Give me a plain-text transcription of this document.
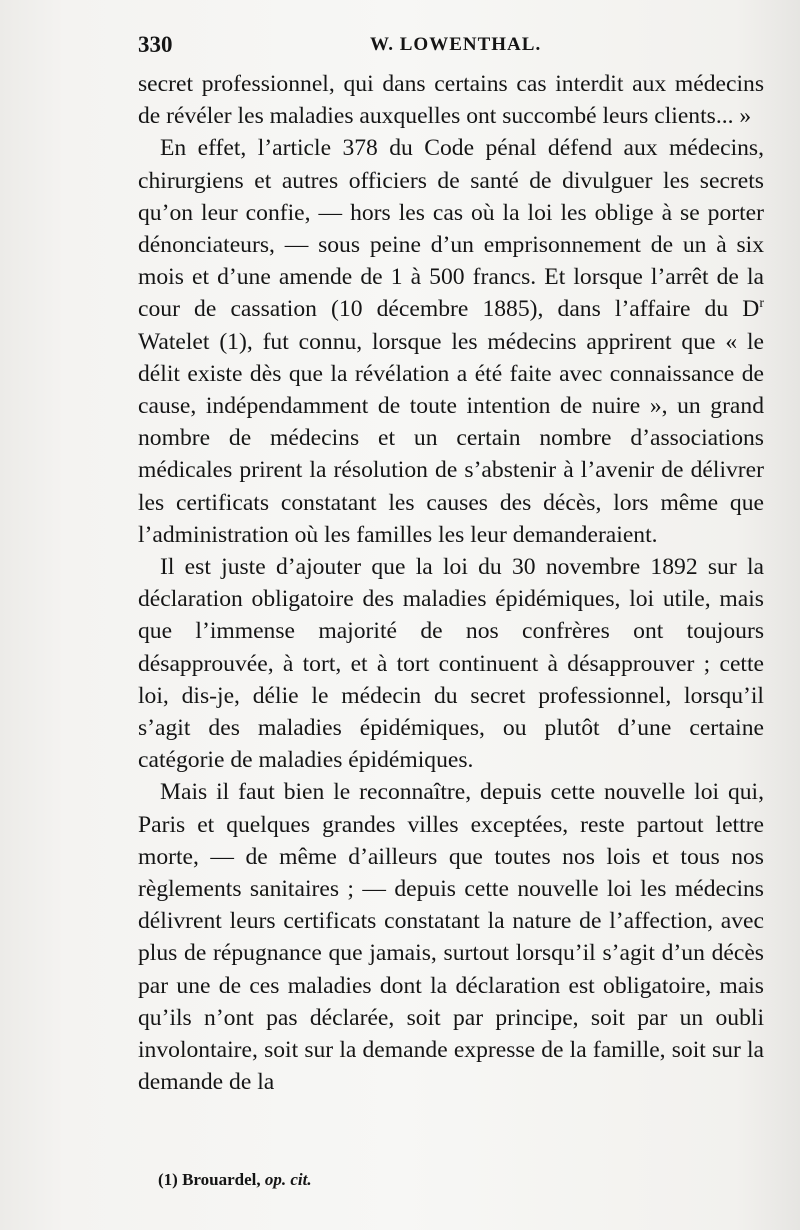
330	W. LOWENTHAL.

secret professionnel, qui dans certains cas interdit aux médecins de révéler les maladies auxquelles ont succombé leurs clients... »

En effet, l’article 378 du Code pénal défend aux médecins, chirurgiens et autres officiers de santé de divulguer les secrets qu’on leur confie, — hors les cas où la loi les oblige à se porter dénonciateurs, — sous peine d’un emprisonnement de un à six mois et d’une amende de 1 à 500 francs. Et lorsque l’arrêt de la cour de cassation (10 décembre 1885), dans l’affaire du $D^r$ Watelet (1), fut connu, lorsque les médecins apprirent que « le délit existe dès que la révélation a été faite avec connaissance de cause, indépendamment de toute intention de nuire », un grand nombre de médecins et un certain nombre d’associations médicales prirent la résolution de s’abstenir à l’avenir de délivrer les certificats constatant les causes des décès, lors même que l’administration où les familles les leur demanderaient.

Il est juste d’ajouter que la loi du 30 novembre 1892 sur la déclaration obligatoire des maladies épidémiques, loi utile, mais que l’immense majorité de nos confrères ont toujours désapprouvée, à tort, et à tort continuent à désapprouver ; cette loi, dis-je, délie le médecin du secret professionnel, lorsqu’il s’agit des maladies épidémiques, ou plutôt d’une certaine catégorie de maladies épidémiques.

Mais il faut bien le reconnaître, depuis cette nouvelle loi qui, Paris et quelques grandes villes exceptées, reste partout lettre morte, — de même d’ailleurs que toutes nos lois et tous nos règlements sanitaires ; — depuis cette nouvelle loi les médecins délivrent leurs certificats constatant la nature de l’affection, avec plus de répugnance que jamais, surtout lorsqu’il s’agit d’un décès par une de ces maladies dont la déclaration est obligatoire, mais qu’ils n’ont pas déclarée, soit par principe, soit par un oubli involontaire, soit sur la demande expresse de la famille, soit sur la demande de la

(1) Brouardel, op. cit.
